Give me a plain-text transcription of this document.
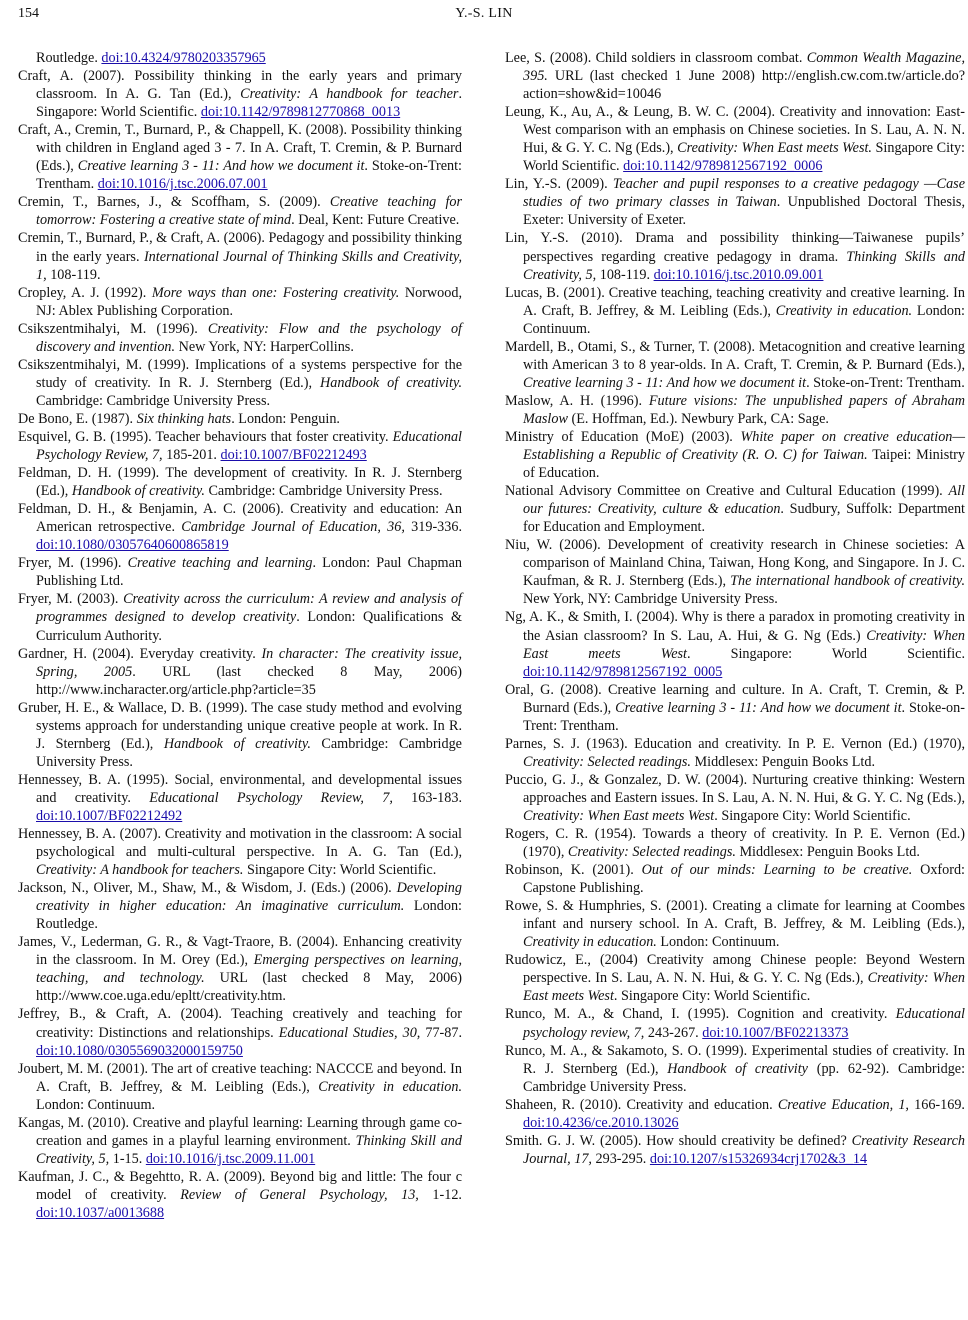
154	Y.-S. LIN

Routledge. doi:10.4324/9780203357965

Craft, A. (2007). Possibility thinking in the early years and primary classroom. In A. G. Tan (Ed.), Creativity: A handbook for teacher. Singapore: World Scientific. doi:10.1142/9789812770868_0013

Craft, A., Cremin, T., Burnard, P., & Chappell, K. (2008). Possibility thinking with children in England aged 3 - 7. In A. Craft, T. Cremin, & P. Burnard (Eds.), Creative learning 3 - 11: And how we document it. Stoke-on-Trent: Trentham. doi:10.1016/j.tsc.2006.07.001

Cremin, T., Barnes, J., & Scoffham, S. (2009). Creative teaching for tomorrow: Fostering a creative state of mind. Deal, Kent: Future Creative.

Cremin, T., Burnard, P., & Craft, A. (2006). Pedagogy and possibility thinking in the early years. International Journal of Thinking Skills and Creativity, 1, 108-119.

Cropley, A. J. (1992). More ways than one: Fostering creativity. Norwood, NJ: Ablex Publishing Corporation.

Csikszentmihalyi, M. (1996). Creativity: Flow and the psychology of discovery and invention. New York, NY: HarperCollins.

Csikszentmihalyi, M. (1999). Implications of a systems perspective for the study of creativity. In R. J. Sternberg (Ed.), Handbook of creativity. Cambridge: Cambridge University Press.

De Bono, E. (1987). Six thinking hats. London: Penguin.

Esquivel, G. B. (1995). Teacher behaviours that foster creativity. Educational Psychology Review, 7, 185-201. doi:10.1007/BF02212493

Feldman, D. H. (1999). The development of creativity. In R. J. Sternberg (Ed.), Handbook of creativity. Cambridge: Cambridge University Press.

Feldman, D. H., & Benjamin, A. C. (2006). Creativity and education: An American retrospective. Cambridge Journal of Education, 36, 319-336. doi:10.1080/03057640600865819

Fryer, M. (1996). Creative teaching and learning. London: Paul Chapman Publishing Ltd.

Fryer, M. (2003). Creativity across the curriculum: A review and analysis of programmes designed to develop creativity. London: Qualifications & Curriculum Authority.

Gardner, H. (2004). Everyday creativity. In character: The creativity issue, Spring, 2005. URL (last checked 8 May, 2006) http://www.incharacter.org/article.php?article=35

Gruber, H. E., & Wallace, D. B. (1999). The case study method and evolving systems approach for understanding unique creative people at work. In R. J. Sternberg (Ed.), Handbook of creativity. Cambridge: Cambridge University Press.

Hennessey, B. A. (1995). Social, environmental, and developmental issues and creativity. Educational Psychology Review, 7, 163-183. doi:10.1007/BF02212492

Hennessey, B. A. (2007). Creativity and motivation in the classroom: A social psychological and multi-cultural perspective. In A. G. Tan (Ed.), Creativity: A handbook for teachers. Singapore City: World Scientific.

Jackson, N., Oliver, M., Shaw, M., & Wisdom, J. (Eds.) (2006). Developing creativity in higher education: An imaginative curriculum. London: Routledge.

James, V., Lederman, G. R., & Vagt-Traore, B. (2004). Enhancing creativity in the classroom. In M. Orey (Ed.), Emerging perspectives on learning, teaching, and technology. URL (last checked 8 May, 2006) http://www.coe.uga.edu/epltt/creativity.htm.

Jeffrey, B., & Craft, A. (2004). Teaching creatively and teaching for creativity: Distinctions and relationships. Educational Studies, 30, 77-87. doi:10.1080/0305569032000159750

Joubert, M. M. (2001). The art of creative teaching: NACCCE and beyond. In A. Craft, B. Jeffrey, & M. Leibling (Eds.), Creativity in education. London: Continuum.

Kangas, M. (2010). Creative and playful learning: Learning through game co-creation and games in a playful learning environment. Thinking Skill and Creativity, 5, 1-15. doi:10.1016/j.tsc.2009.11.001

Kaufman, J. C., & Begehtto, R. A. (2009). Beyond big and little: The four c model of creativity. Review of General Psychology, 13, 1-12. doi:10.1037/a0013688

Lee, S. (2008). Child soldiers in classroom combat. Common Wealth Magazine, 395. URL (last checked 1 June 2008) http://english.cw.com.tw/article.do?action=show&id=10046

Leung, K., Au, A., & Leung, B. W. C. (2004). Creativity and innovation: East-West comparison with an emphasis on Chinese societies. In S. Lau, A. N. N. Hui, & G. Y. C. Ng (Eds.), Creativity: When East meets West. Singapore City: World Scientific. doi:10.1142/9789812567192_0006

Lin, Y.-S. (2009). Teacher and pupil responses to a creative pedagogy —Case studies of two primary classes in Taiwan. Unpublished Doctoral Thesis, Exeter: University of Exeter.

Lin, Y.-S. (2010). Drama and possibility thinking—Taiwanese pupils’ perspectives regarding creative pedagogy in drama. Thinking Skills and Creativity, 5, 108-119. doi:10.1016/j.tsc.2010.09.001

Lucas, B. (2001). Creative teaching, teaching creativity and creative learning. In A. Craft, B. Jeffrey, & M. Leibling (Eds.), Creativity in education. London: Continuum.

Mardell, B., Otami, S., & Turner, T. (2008). Metacognition and creative learning with American 3 to 8 year-olds. In A. Craft, T. Cremin, & P. Burnard (Eds.), Creative learning 3 - 11: And how we document it. Stoke-on-Trent: Trentham.

Maslow, A. H. (1996). Future visions: The unpublished papers of Abraham Maslow (E. Hoffman, Ed.). Newbury Park, CA: Sage.

Ministry of Education (MoE) (2003). White paper on creative education—Establishing a Republic of Creativity (R. O. C) for Taiwan. Taipei: Ministry of Education.

National Advisory Committee on Creative and Cultural Education (1999). All our futures: Creativity, culture & education. Sudbury, Suffolk: Department for Education and Employment.

Niu, W. (2006). Development of creativity research in Chinese societies: A comparison of Mainland China, Taiwan, Hong Kong, and Singapore. In J. C. Kaufman, & R. J. Sternberg (Eds.), The international handbook of creativity. New York, NY: Cambridge University Press.

Ng, A. K., & Smith, I. (2004). Why is there a paradox in promoting creativity in the Asian classroom? In S. Lau, A. Hui, & G. Ng (Eds.) Creativity: When East meets West. Singapore: World Scientific. doi:10.1142/9789812567192_0005

Oral, G. (2008). Creative learning and culture. In A. Craft, T. Cremin, & P. Burnard (Eds.), Creative learning 3 - 11: And how we document it. Stoke-on-Trent: Trentham.

Parnes, S. J. (1963). Education and creativity. In P. E. Vernon (Ed.) (1970), Creativity: Selected readings. Middlesex: Penguin Books Ltd.

Puccio, G. J., & Gonzalez, D. W. (2004). Nurturing creative thinking: Western approaches and Eastern issues. In S. Lau, A. N. N. Hui, & G. Y. C. Ng (Eds.), Creativity: When East meets West. Singapore City: World Scientific.

Rogers, C. R. (1954). Towards a theory of creativity. In P. E. Vernon (Ed.) (1970), Creativity: Selected readings. Middlesex: Penguin Books Ltd.

Robinson, K. (2001). Out of our minds: Learning to be creative. Oxford: Capstone Publishing.

Rowe, S. & Humphries, S. (2001). Creating a climate for learning at Coombes infant and nursery school. In A. Craft, B. Jeffrey, & M. Leibling (Eds.), Creativity in education. London: Continuum.

Rudowicz, E., (2004) Creativity among Chinese people: Beyond Western perspective. In S. Lau, A. N. N. Hui, & G. Y. C. Ng (Eds.), Creativity: When East meets West. Singapore City: World Scientific.

Runco, M. A., & Chand, I. (1995). Cognition and creativity. Educational psychology review, 7, 243-267. doi:10.1007/BF02213373

Runco, M. A., & Sakamoto, S. O. (1999). Experimental studies of creativity. In R. J. Sternberg (Ed.), Handbook of creativity (pp. 62-92). Cambridge: Cambridge University Press.

Shaheen, R. (2010). Creativity and education. Creative Education, 1, 166-169. doi:10.4236/ce.2010.13026

Smith. G. J. W. (2005). How should creativity be defined? Creativity Research Journal, 17, 293-295. doi:10.1207/s15326934crj1702&3_14
